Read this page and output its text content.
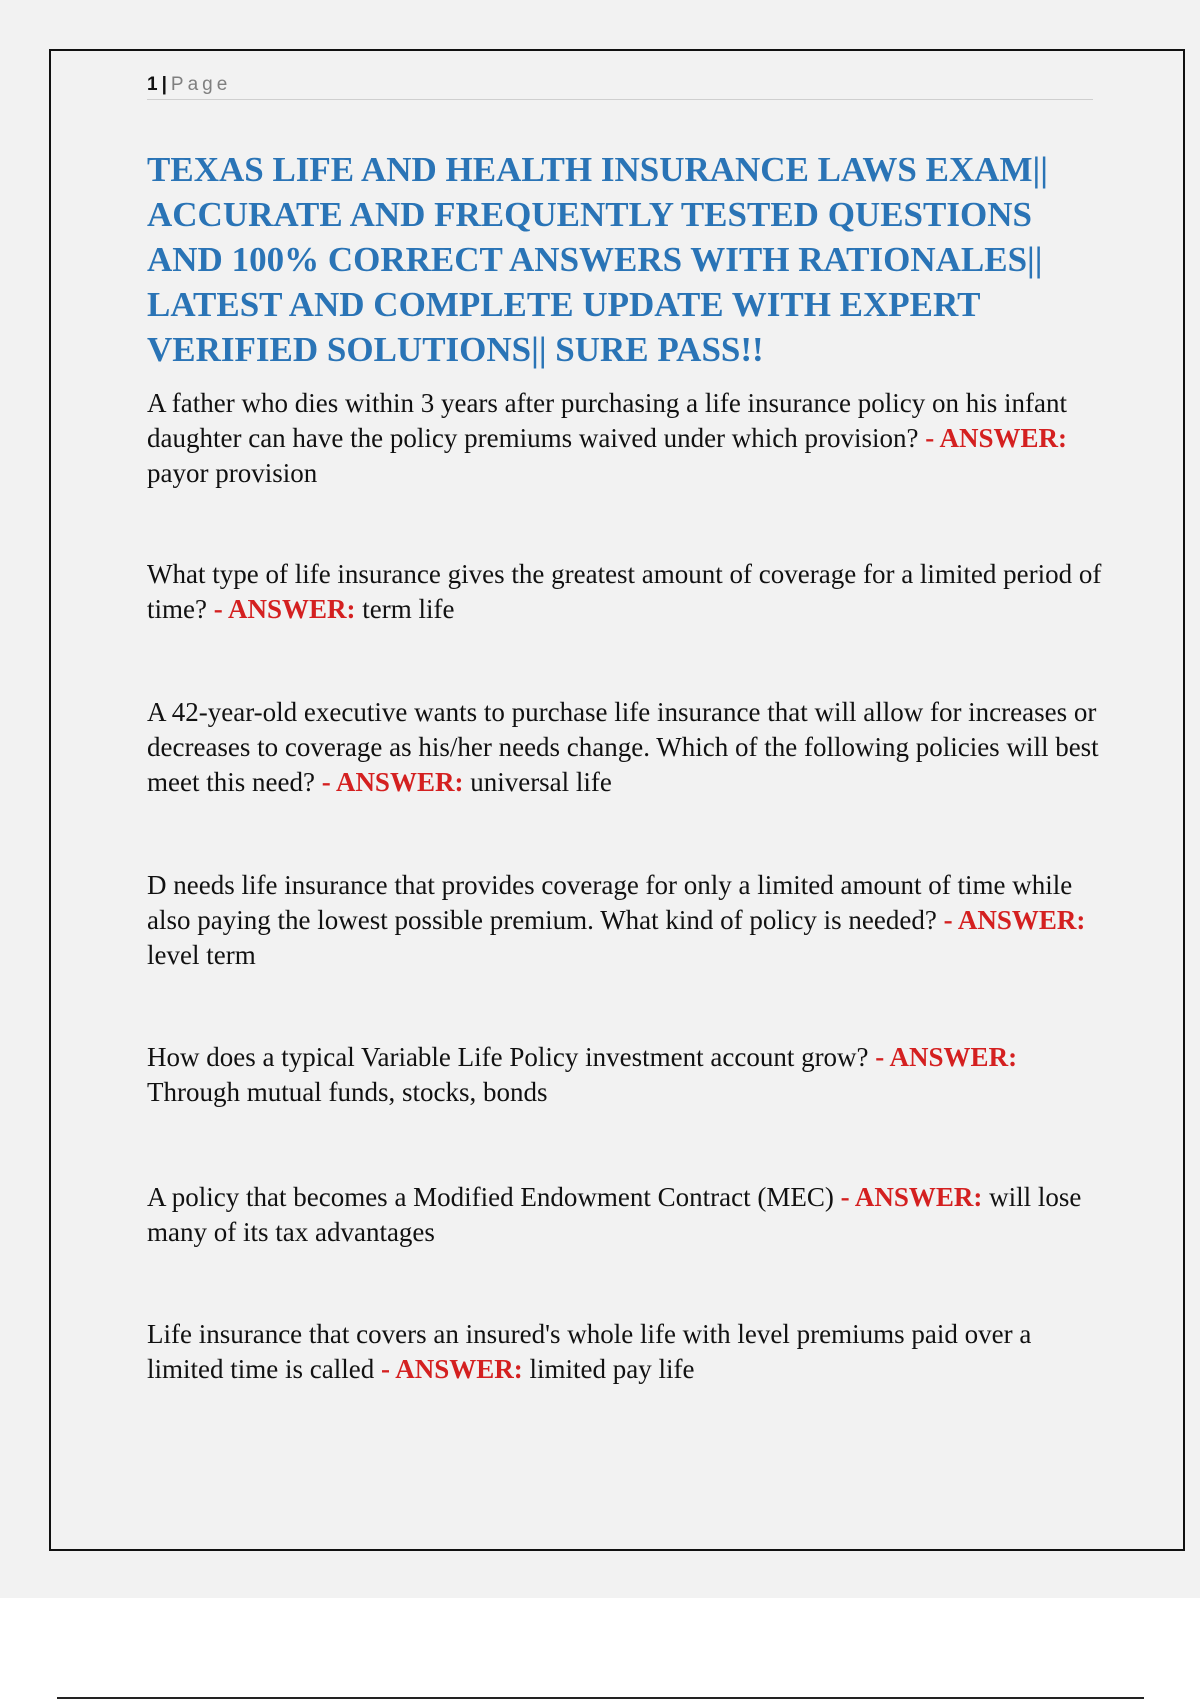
1 | Page
TEXAS LIFE AND HEALTH INSURANCE LAWS EXAM|| ACCURATE AND FREQUENTLY TESTED QUESTIONS AND 100% CORRECT ANSWERS WITH RATIONALES|| LATEST AND COMPLETE UPDATE WITH EXPERT VERIFIED SOLUTIONS|| SURE PASS!!

A father who dies within 3 years after purchasing a life insurance policy on his infant daughter can have the policy premiums waived under which provision? - ANSWER: payor provision

What type of life insurance gives the greatest amount of coverage for a limited period of time? - ANSWER: term life

A 42-year-old executive wants to purchase life insurance that will allow for increases or decreases to coverage as his/her needs change. Which of the following policies will best meet this need? - ANSWER: universal life

D needs life insurance that provides coverage for only a limited amount of time while also paying the lowest possible premium. What kind of policy is needed? - ANSWER: level term

How does a typical Variable Life Policy investment account grow? - ANSWER: Through mutual funds, stocks, bonds

A policy that becomes a Modified Endowment Contract (MEC) - ANSWER: will lose many of its tax advantages

Life insurance that covers an insured's whole life with level premiums paid over a limited time is called - ANSWER: limited pay life
